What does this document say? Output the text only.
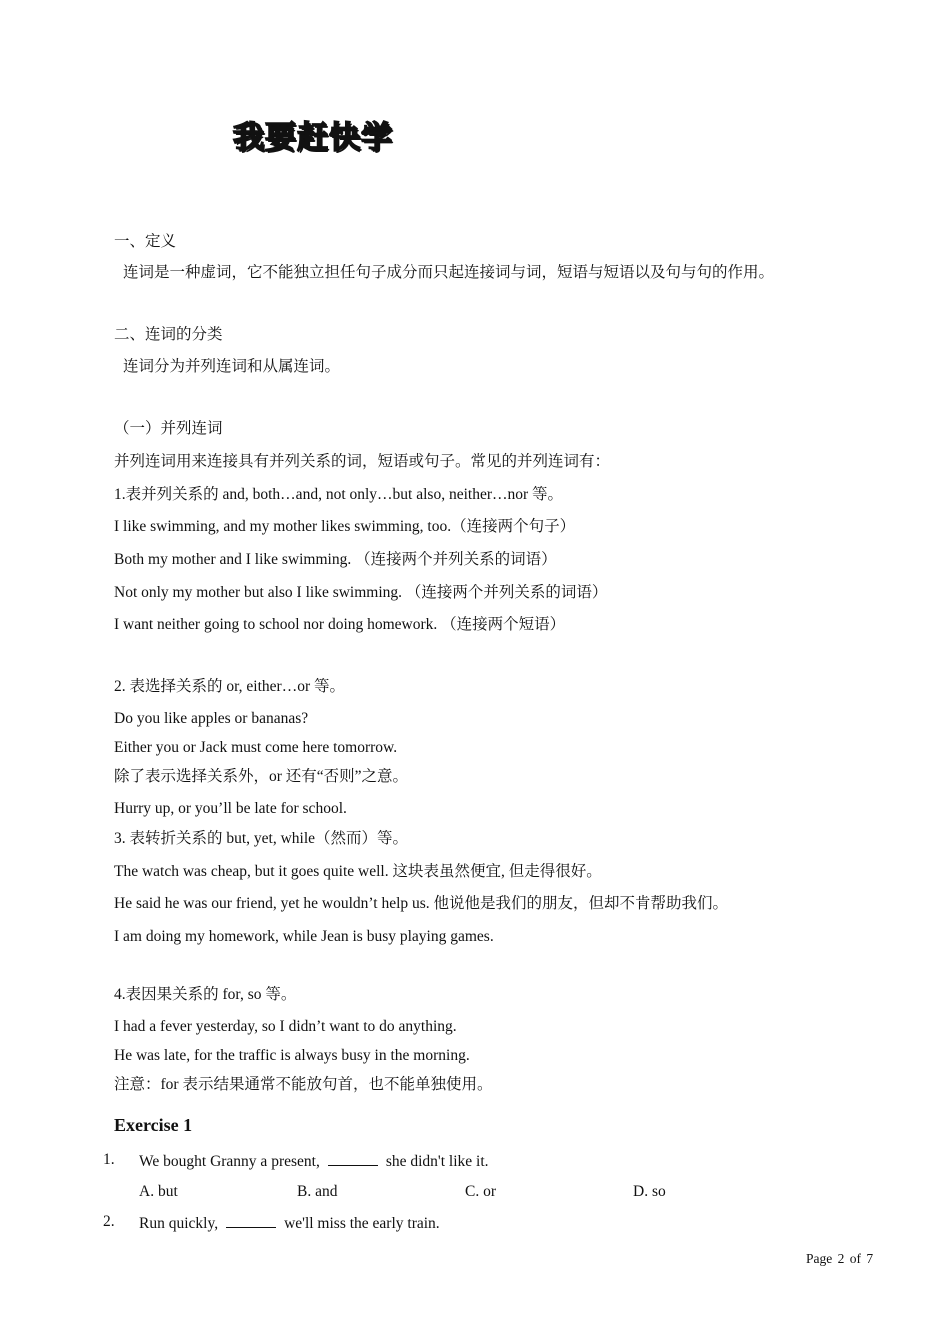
我要赶快学
一、定义
连词是一种虚词，它不能独立担任句子成分而只起连接词与词，短语与短语以及句与句的作用。
二、连词的分类
连词分为并列连词和从属连词。
（一）并列连词
并列连词用来连接具有并列关系的词，短语或句子。常见的并列连词有：
1.表并列关系的 and, both…and, not only…but also, neither…nor 等。
I like swimming, and my mother likes swimming, too.（连接两个句子）
Both my mother and I like swimming. （连接两个并列关系的词语）
Not only my mother but also I like swimming. （连接两个并列关系的词语）
I want neither going to school nor doing homework. （连接两个短语）
2. 表选择关系的 or, either…or 等。
Do you like apples or bananas?
Either you or Jack must come here tomorrow.
除了表示选择关系外，or 还有“否则”之意。
Hurry up, or you’ll be late for school.
3. 表转折关系的 but, yet, while（然而）等。
The watch was cheap, but it goes quite well. 这块表虽然便宜, 但走得很好。
He said he was our friend, yet he wouldn’t help us. 他说他是我们的朋友，但却不肯帮助我们。
I am doing my homework, while Jean is busy playing games.
4.表因果关系的 for, so 等。
I had a fever yesterday, so I didn’t want to do anything.
He was late, for the traffic is always busy in the morning.
注意：for 表示结果通常不能放句首，也不能单独使用。
Exercise 1
1. We bought Granny a present,	she didn't like it.
A. but	B. and	C. or	D. so
2. Run quickly,	we'll miss the early train.
Page 2 of 7
